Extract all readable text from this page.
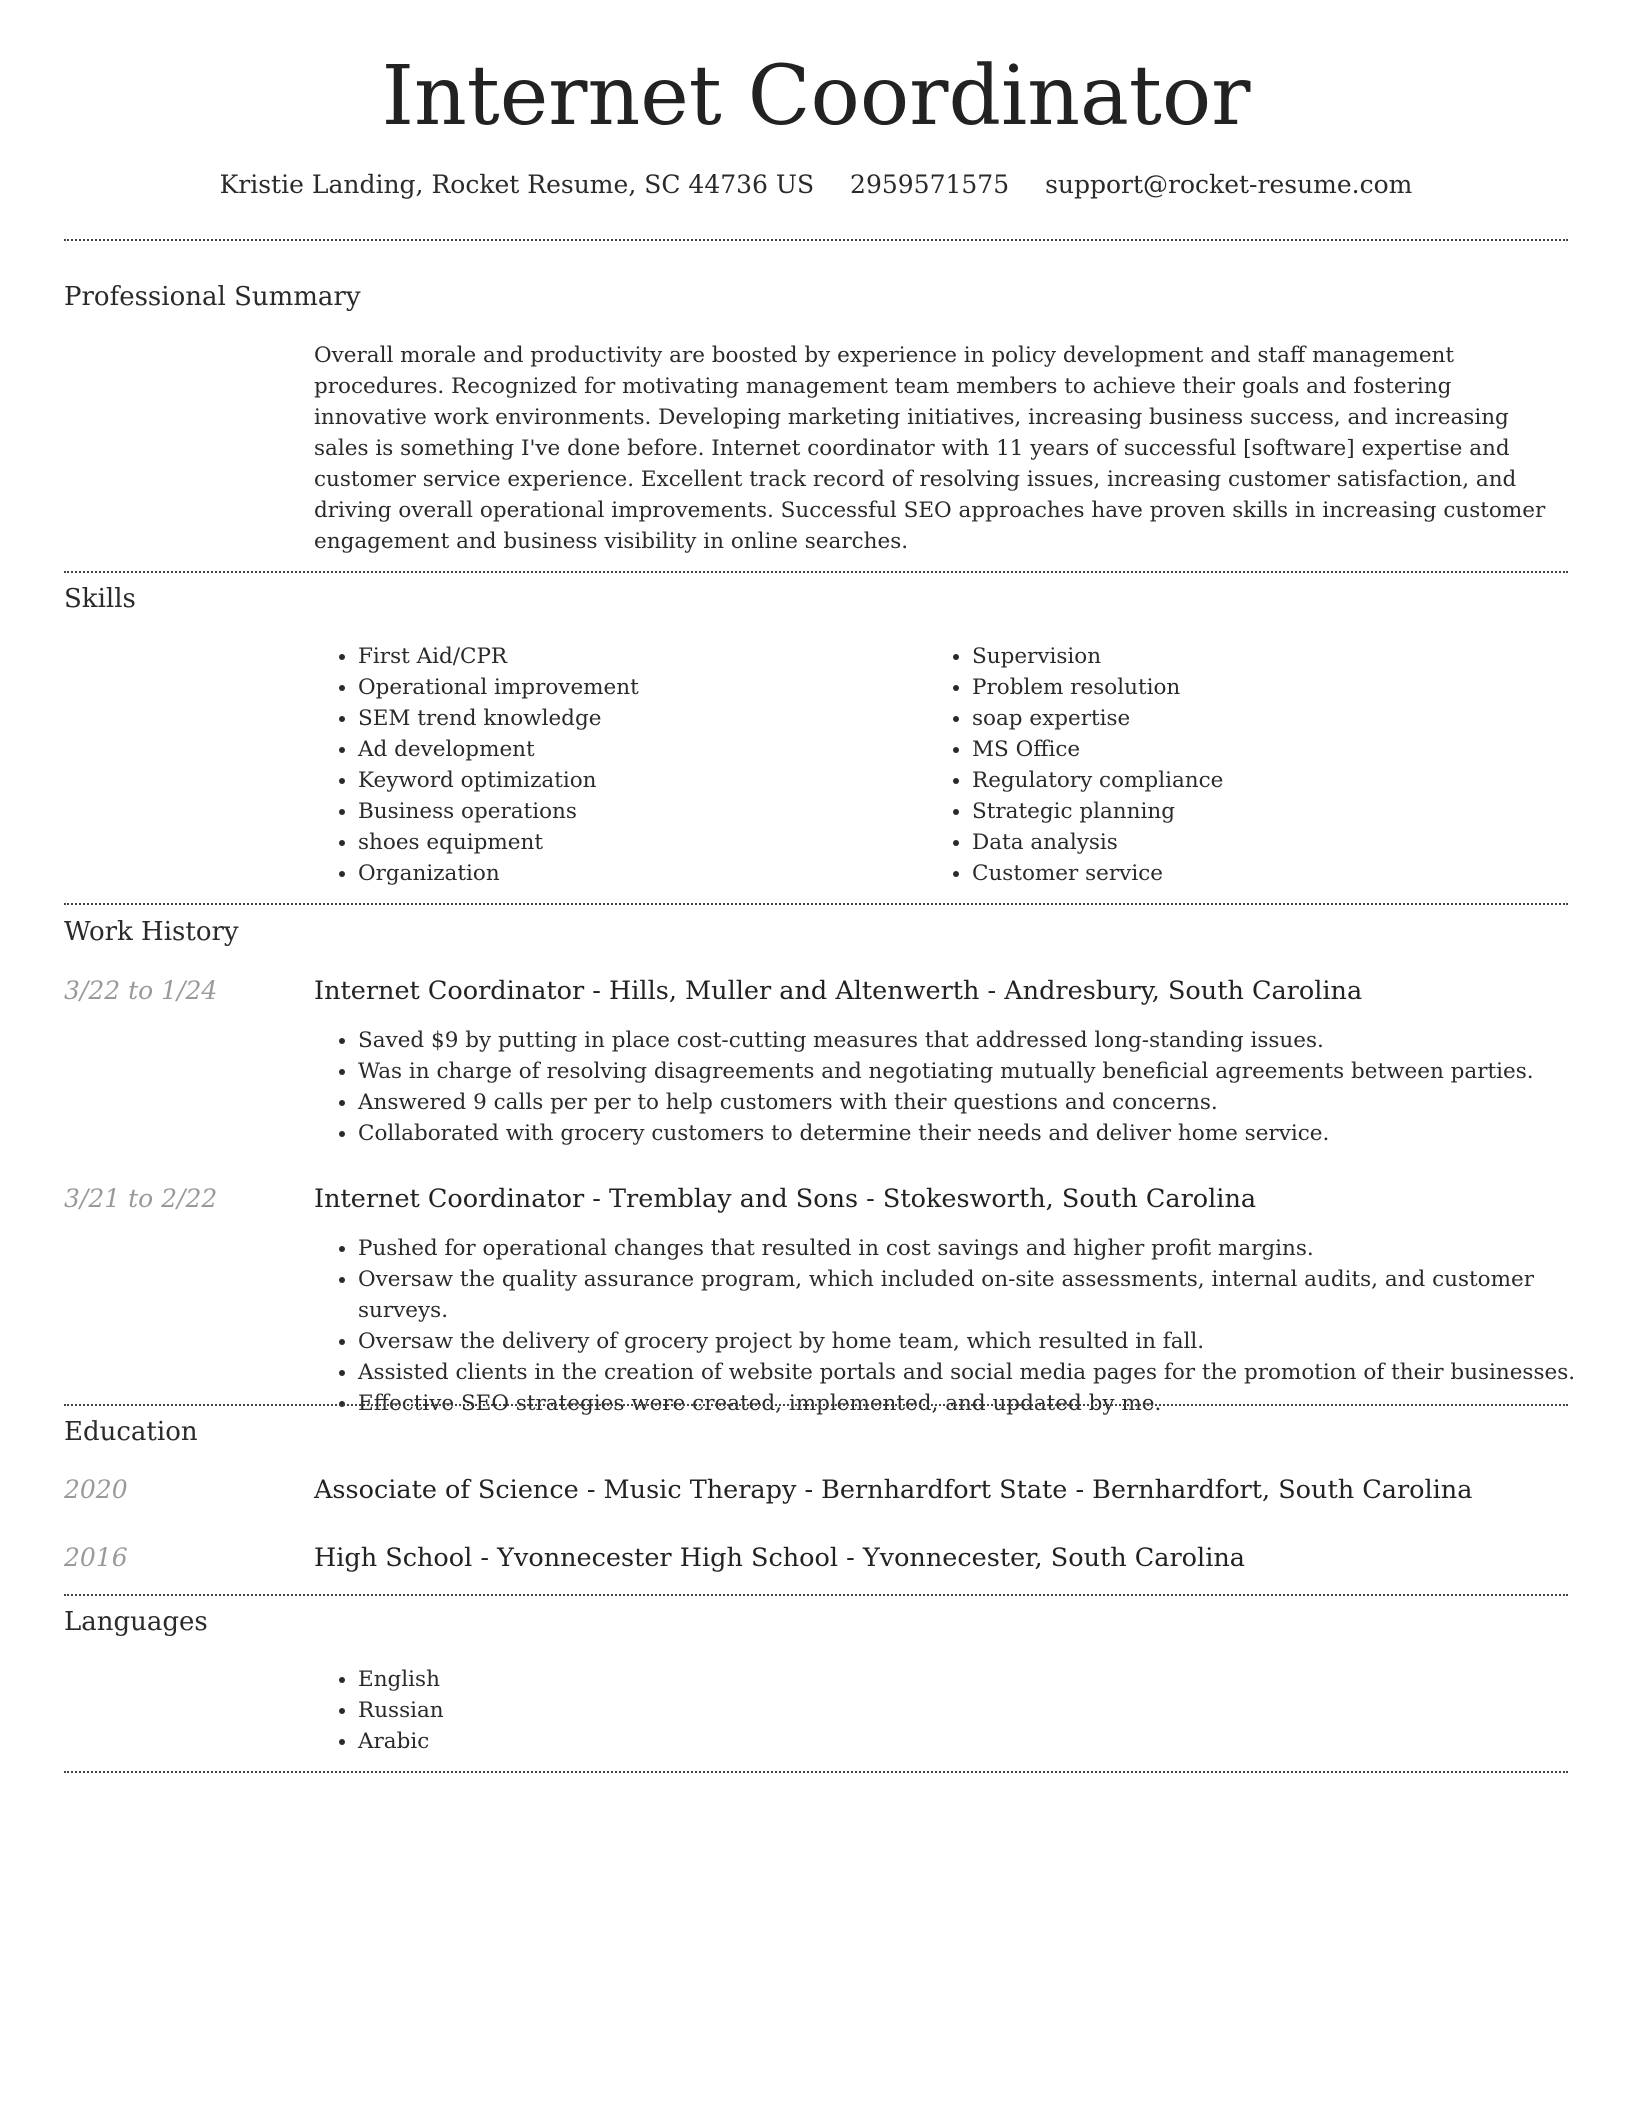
Internet Coordinator
Kristie Landing, Rocket Resume, SC 44736 US 2959571575 support@rocket-resume.com
Professional Summary
Overall morale and productivity are boosted by experience in policy development and staff management procedures. Recognized for motivating management team members to achieve their goals and fostering innovative work environments. Developing marketing initiatives, increasing business success, and increasing sales is something I've done before. Internet coordinator with 11 years of successful [software] expertise and customer service experience. Excellent track record of resolving issues, increasing customer satisfaction, and driving overall operational improvements. Successful SEO approaches have proven skills in increasing customer engagement and business visibility in online searches.
Skills
• First Aid/CPR
• Operational improvement
• SEM trend knowledge
• Ad development
• Keyword optimization
• Business operations
• shoes equipment
• Organization
• Supervision
• Problem resolution
• soap expertise
• MS Office
• Regulatory compliance
• Strategic planning
• Data analysis
• Customer service
Work History
3/22 to 1/24	Internet Coordinator - Hills, Muller and Altenwerth - Andresbury, South Carolina
• Saved $9 by putting in place cost-cutting measures that addressed long-standing issues.
• Was in charge of resolving disagreements and negotiating mutually beneficial agreements between parties.
• Answered 9 calls per per to help customers with their questions and concerns.
• Collaborated with grocery customers to determine their needs and deliver home service.
3/21 to 2/22	Internet Coordinator - Tremblay and Sons - Stokesworth, South Carolina
• Pushed for operational changes that resulted in cost savings and higher profit margins.
• Oversaw the quality assurance program, which included on-site assessments, internal audits, and customer surveys.
• Oversaw the delivery of grocery project by home team, which resulted in fall.
• Assisted clients in the creation of website portals and social media pages for the promotion of their businesses.
• Effective SEO strategies were created, implemented, and updated by me.
Education
2020	Associate of Science - Music Therapy - Bernhardfort State - Bernhardfort, South Carolina
2016	High School - Yvonnecester High School - Yvonnecester, South Carolina
Languages
• English
• Russian
• Arabic
